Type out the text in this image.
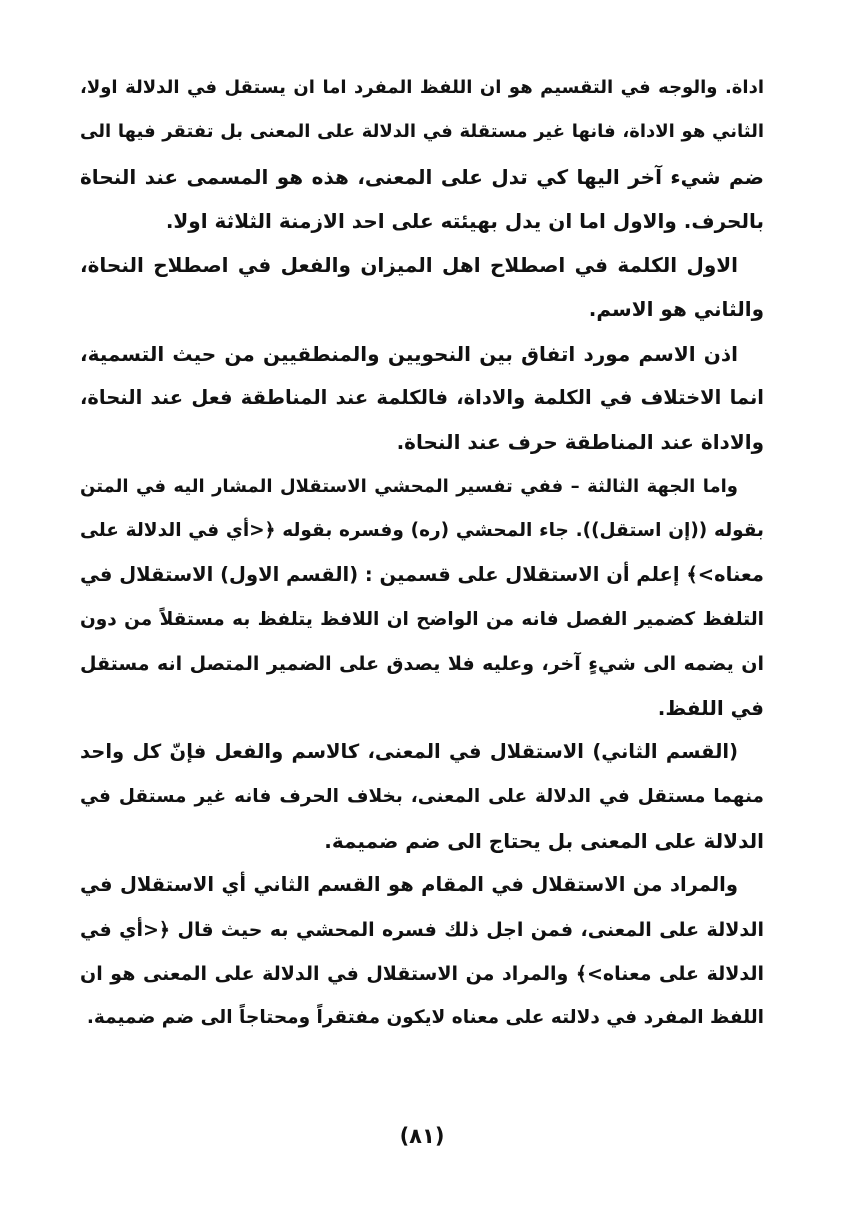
اداة. والوجه في التقسيم هو ان اللفظ المفرد اما ان يستقل في الدلالة اولا،
الثاني هو الاداة، فانها غير مستقلة في الدلالة على المعنى بل تفتقر فيها الى
ضم شيء آخر اليها كي تدل على المعنى، هذه هو المسمى عند النحاة
بالحرف. والاول اما ان يدل بهيئته على احد الازمنة الثلاثة اولا.

الاول الكلمة في اصطلاح اهل الميزان والفعل في اصطلاح النحاة،
والثاني هو الاسم.

اذن الاسم مورد اتفاق بين النحويين والمنطقيين من حيث التسمية،
انما الاختلاف في الكلمة والاداة، فالكلمة عند المناطقة فعل عند النحاة،
والاداة عند المناطقة حرف عند النحاة.

واما الجهة الثالثة – ففي تفسير المحشي الاستقلال المشار اليه في المتن
بقوله ((إن استقل)). جاء المحشي (ره) وفسره بقوله ﴿<أي في الدلالة على
معناه>﴾ إعلم أن الاستقلال على قسمين : (القسم الاول) الاستقلال في
التلفظ كضمير الفصل فانه من الواضح ان اللافظ يتلفظ به مستقلاً من دون
ان يضمه الى شيءٍ آخر، وعليه فلا يصدق على الضمير المتصل انه مستقل
في اللفظ.

(القسم الثاني) الاستقلال في المعنى، كالاسم والفعل فإنّ كل واحد
منهما مستقل في الدلالة على المعنى، بخلاف الحرف فانه غير مستقل في
الدلالة على المعنى بل يحتاج الى ضم ضميمة.

والمراد من الاستقلال في المقام هو القسم الثاني أي الاستقلال في
الدلالة على المعنى، فمن اجل ذلك فسره المحشي به حيث قال ﴿<أي في
الدلالة على معناه>﴾ والمراد من الاستقلال في الدلالة على المعنى هو ان
اللفظ المفرد في دلالته على معناه لايكون مفتقراً ومحتاجاً الى ضم ضميمة.

(٨١)
